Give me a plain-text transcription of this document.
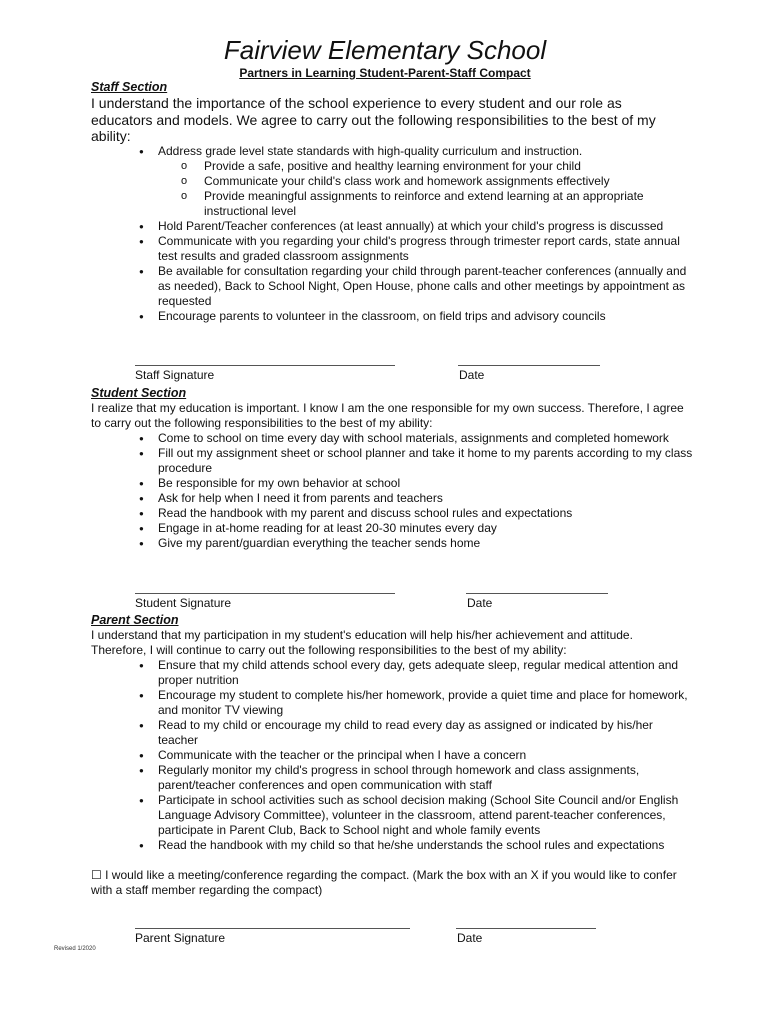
Fairview Elementary School
Partners in Learning Student-Parent-Staff Compact
Staff Section
I understand the importance of the school experience to every student and our role as educators and models. We agree to carry out the following responsibilities to the best of my ability:
● Address grade level state standards with high-quality curriculum and instruction.
o Provide a safe, positive and healthy learning environment for your child
o Communicate your child's class work and homework assignments effectively
o Provide meaningful assignments to reinforce and extend learning at an appropriate instructional level
● Hold Parent/Teacher conferences (at least annually) at which your child's progress is discussed
● Communicate with you regarding your child's progress through trimester report cards, state annual test results and graded classroom assignments
● Be available for consultation regarding your child through parent-teacher conferences (annually and as needed), Back to School Night, Open House, phone calls and other meetings by appointment as requested
● Encourage parents to volunteer in the classroom, on field trips and advisory councils
Staff Signature	Date
Student Section
I realize that my education is important. I know I am the one responsible for my own success. Therefore, I agree to carry out the following responsibilities to the best of my ability:
● Come to school on time every day with school materials, assignments and completed homework
● Fill out my assignment sheet or school planner and take it home to my parents according to my class procedure
● Be responsible for my own behavior at school
● Ask for help when I need it from parents and teachers
● Read the handbook with my parent and discuss school rules and expectations
● Engage in at-home reading for at least 20-30 minutes every day
● Give my parent/guardian everything the teacher sends home
Student Signature	Date
Parent Section
I understand that my participation in my student's education will help his/her achievement and attitude. Therefore, I will continue to carry out the following responsibilities to the best of my ability:
● Ensure that my child attends school every day, gets adequate sleep, regular medical attention and proper nutrition
● Encourage my student to complete his/her homework, provide a quiet time and place for homework, and monitor TV viewing
● Read to my child or encourage my child to read every day as assigned or indicated by his/her teacher
● Communicate with the teacher or the principal when I have a concern
● Regularly monitor my child's progress in school through homework and class assignments, parent/teacher conferences and open communication with staff
● Participate in school activities such as school decision making (School Site Council and/or English Language Advisory Committee), volunteer in the classroom, attend parent-teacher conferences, participate in Parent Club, Back to School night and whole family events
● Read the handbook with my child so that he/she understands the school rules and expectations
☐ I would like a meeting/conference regarding the compact. (Mark the box with an X if you would like to confer with a staff member regarding the compact)
Parent Signature	Date
Revised 1/2020
